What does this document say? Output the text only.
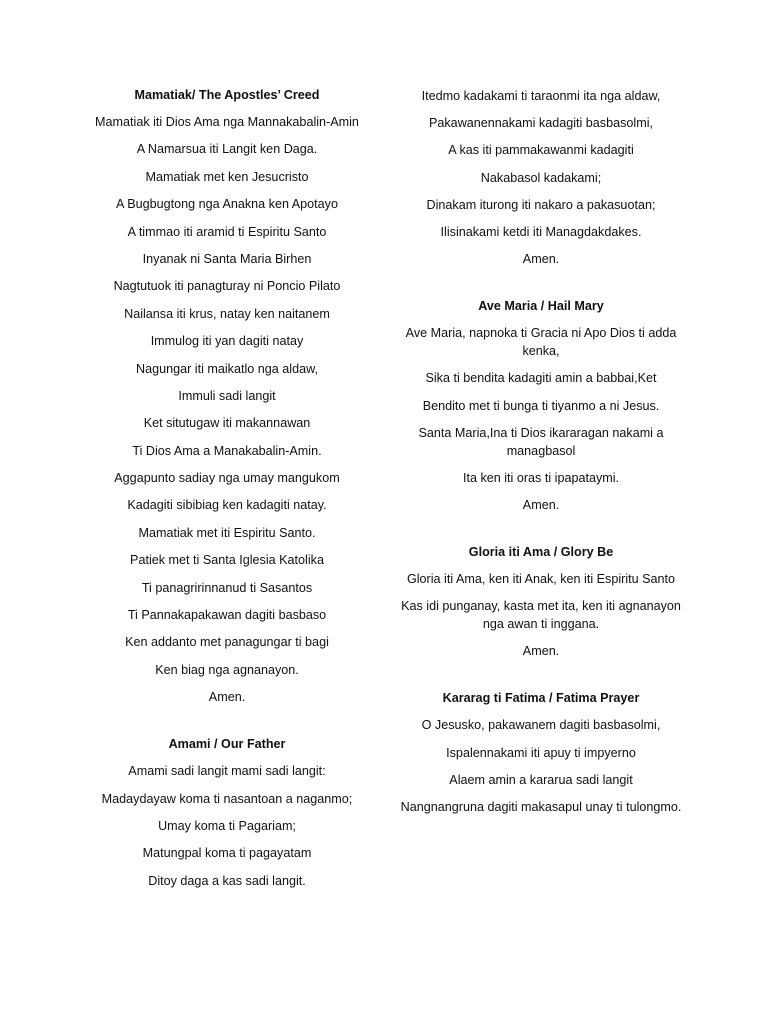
Mamatiak/ The Apostles’ Creed
Mamatiak iti Dios Ama nga Mannakabalin-Amin
A Namarsua iti Langit ken Daga.
Mamatiak met ken Jesucristo
A Bugbugtong nga Anakna ken Apotayo
A timmao iti aramid ti Espiritu Santo
Inyanak ni Santa Maria Birhen
Nagtutuok iti panagturay ni Poncio Pilato
Nailansa iti krus, natay ken naitanem
Immulog iti yan dagiti natay
Nagungar iti maikatlo nga aldaw,
Immuli sadi langit
Ket situtugaw iti makannawan
Ti Dios Ama a Manakabalin-Amin.
Aggapunto sadiay nga umay mangukom
Kadagiti sibibiag ken kadagiti natay.
Mamatiak met iti Espiritu Santo.
Patiek met ti Santa Iglesia Katolika
Ti panagririnnanud ti Sasantos
Ti Pannakapakawan dagiti basbaso
Ken addanto met panagungar ti bagi
Ken biag nga agnanayon.
Amen.
Amami / Our Father
Amami sadi langit mami sadi langit:
Madaydayaw koma ti nasantoan a naganmo;
Umay koma ti Pagariam;
Matungpal koma ti pagayatam
Ditoy daga a kas sadi langit.
Itedmo kadakami ti taraonmi ita nga aldaw,
Pakawanennakami kadagiti basbasolmi,
A kas iti pammakawanmi kadagiti
Nakabasol kadakami;
Dinakam iturong iti nakaro a pakasuotan;
Ilisinakami ketdi iti Managdakdakes.
Amen.
Ave Maria / Hail Mary
Ave Maria, napnoka ti Gracia ni Apo Dios ti adda kenka,
Sika ti bendita kadagiti amin a babbai,Ket
Bendito met ti bunga ti tiyanmo a ni Jesus.
Santa Maria,Ina ti Dios ikararagan nakami a managbasol
Ita ken iti oras ti ipapataymi.
Amen.
Gloria iti Ama / Glory Be
Gloria iti Ama, ken iti Anak, ken iti Espiritu Santo
Kas idi punganay, kasta met ita, ken iti agnanayon nga awan ti inggana.
Amen.
Kararag ti Fatima / Fatima Prayer
O Jesusko, pakawanem dagiti basbasolmi,
Ispalennakami iti apuy ti impyerno
Alaem amin a kararua sadi langit
Nangnangruna dagiti makasapul unay ti tulongmo.
